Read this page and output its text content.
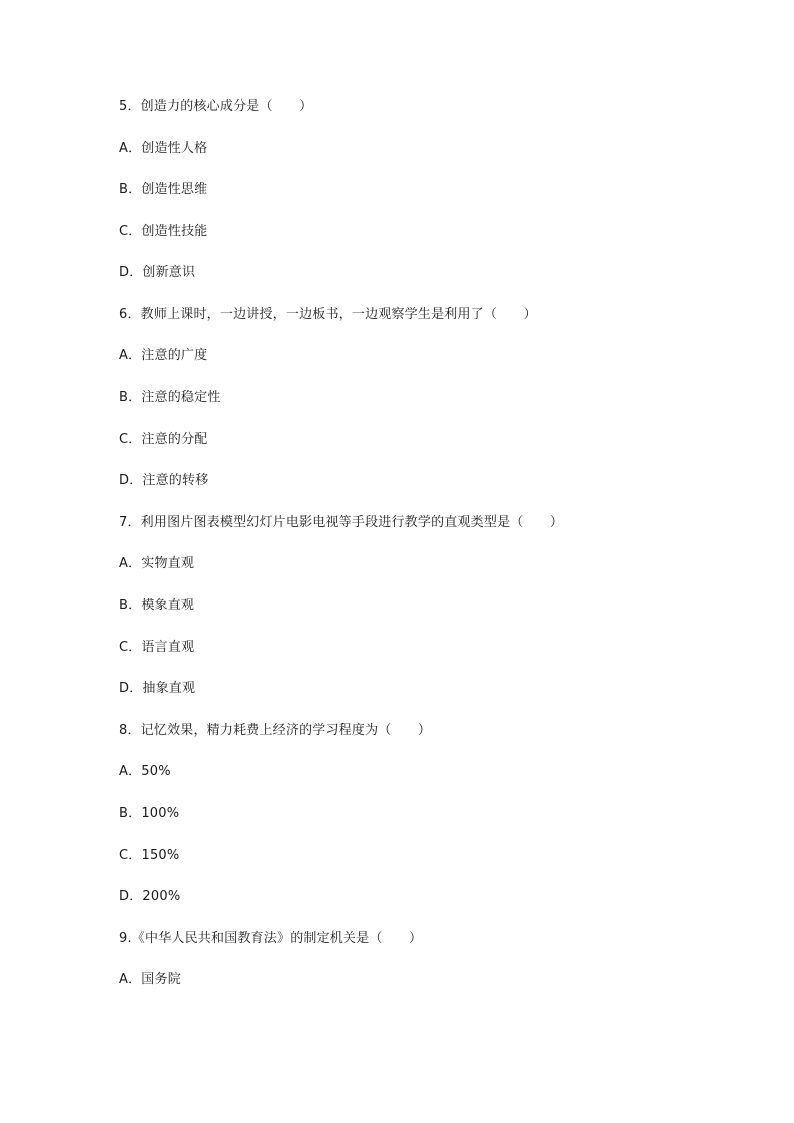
5．创造力的核心成分是（　　）
A．创造性人格
B．创造性思维
C．创造性技能
D．创新意识
6．教师上课时，一边讲授，一边板书，一边观察学生是利用了（　　）
A．注意的广度
B．注意的稳定性
C．注意的分配
D．注意的转移
7．利用图片图表模型幻灯片电影电视等手段进行教学的直观类型是（　　）
A．实物直观
B．模象直观
C．语言直观
D．抽象直观
8．记忆效果，精力耗费上经济的学习程度为（　　）
A．50%
B．100%
C．150%
D．200%
9.《中华人民共和国教育法》的制定机关是（　　）
A．国务院
